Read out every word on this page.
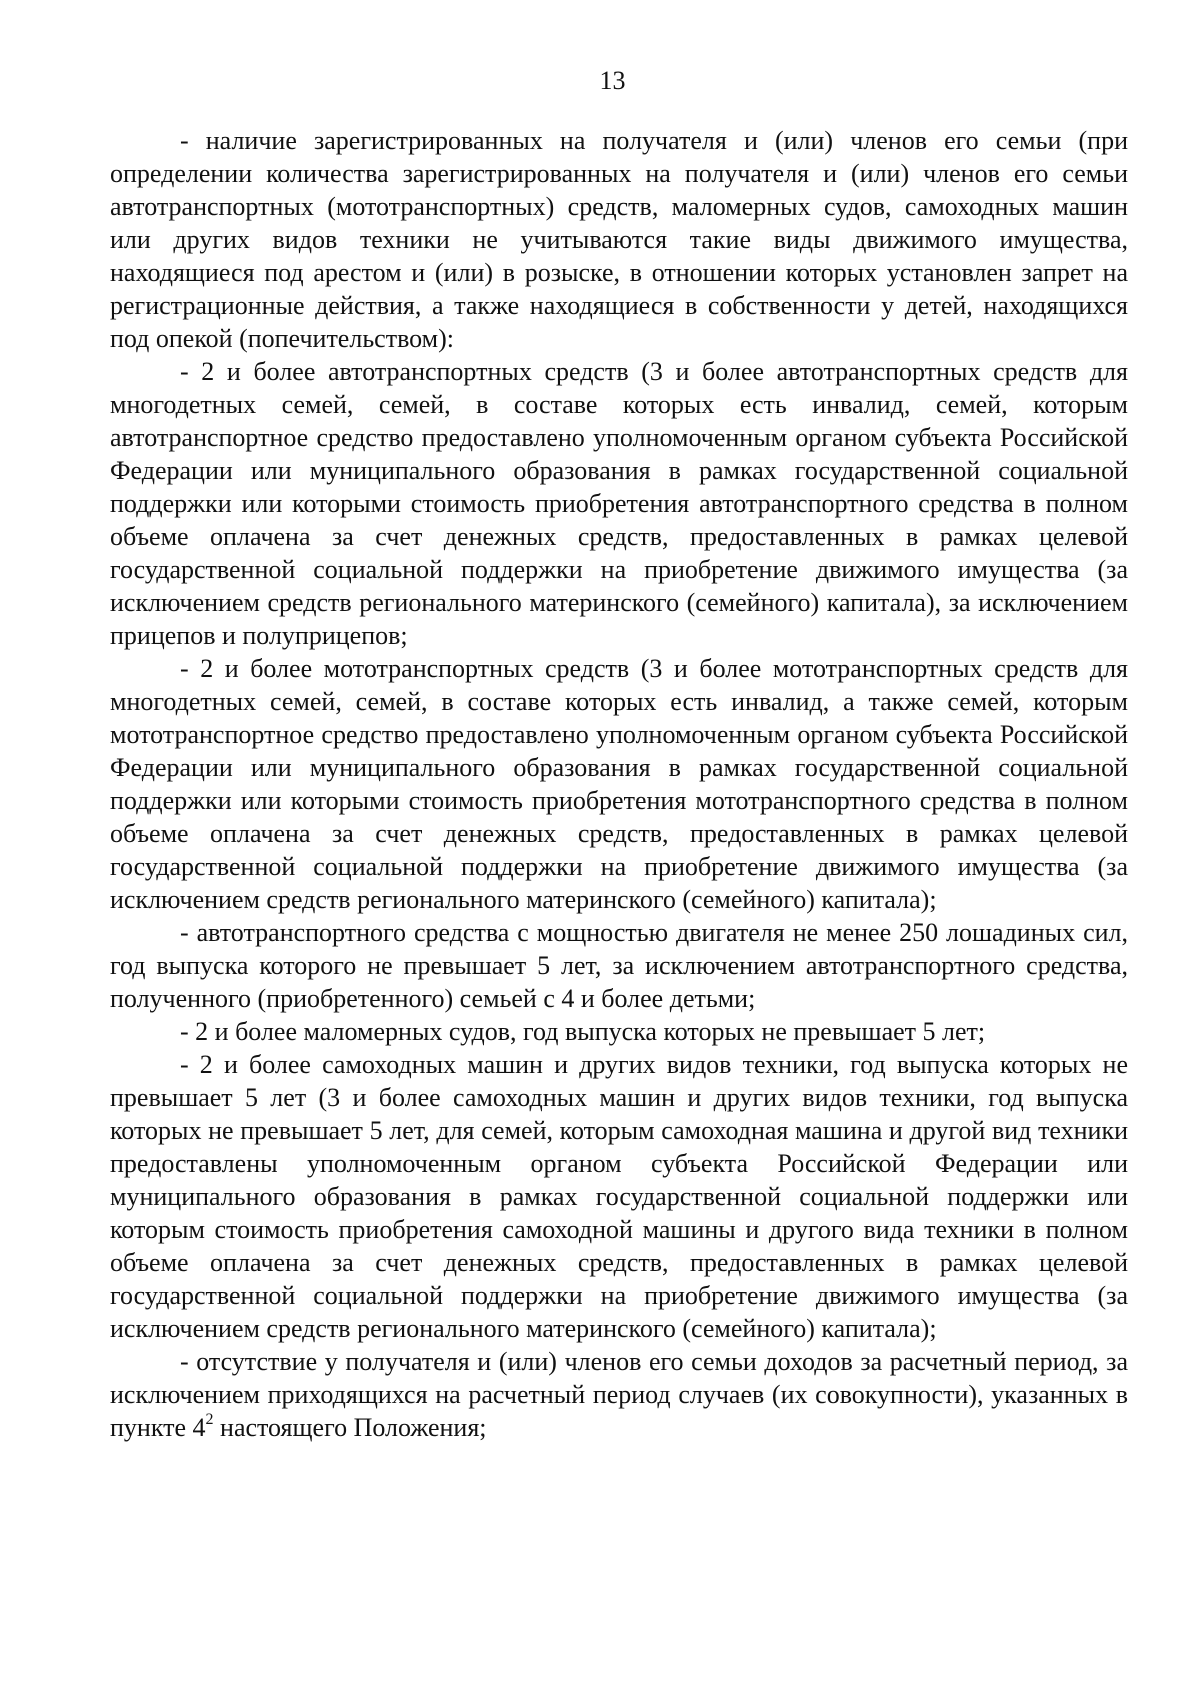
13

- наличие зарегистрированных на получателя и (или) членов его семьи (при определении количества зарегистрированных на получателя и (или) членов его семьи автотранспортных (мототранспортных) средств, маломерных судов, самоходных машин или других видов техники не учитываются такие виды движимого имущества, находящиеся под арестом и (или) в розыске, в отношении которых установлен запрет на регистрационные действия, а также находящиеся в собственности у детей, находящихся под опекой (попечительством):

- 2 и более автотранспортных средств (3 и более автотранспортных средств для многодетных семей, семей, в составе которых есть инвалид, семей, которым автотранспортное средство предоставлено уполномоченным органом субъекта Российской Федерации или муниципального образования в рамках государственной социальной поддержки или которыми стоимость приобретения автотранспортного средства в полном объеме оплачена за счет денежных средств, предоставленных в рамках целевой государственной социальной поддержки на приобретение движимого имущества (за исключением средств регионального материнского (семейного) капитала), за исключением прицепов и полуприцепов;

- 2 и более мототранспортных средств (3 и более мототранспортных средств для многодетных семей, семей, в составе которых есть инвалид, а также семей, которым мототранспортное средство предоставлено уполномоченным органом субъекта Российской Федерации или муниципального образования в рамках государственной социальной поддержки или которыми стоимость приобретения мототранспортного средства в полном объеме оплачена за счет денежных средств, предоставленных в рамках целевой государственной социальной поддержки на приобретение движимого имущества (за исключением средств регионального материнского (семейного) капитала);

- автотранспортного средства с мощностью двигателя не менее 250 лошадиных сил, год выпуска которого не превышает 5 лет, за исключением автотранспортного средства, полученного (приобретенного) семьей с 4 и более детьми;

- 2 и более маломерных судов, год выпуска которых не превышает 5 лет;

- 2 и более самоходных машин и других видов техники, год выпуска которых не превышает 5 лет (3 и более самоходных машин и других видов техники, год выпуска которых не превышает 5 лет, для семей, которым самоходная машина и другой вид техники предоставлены уполномоченным органом субъекта Российской Федерации или муниципального образования в рамках государственной социальной поддержки или которым стоимость приобретения самоходной машины и другого вида техники в полном объеме оплачена за счет денежных средств, предоставленных в рамках целевой государственной социальной поддержки на приобретение движимого имущества (за исключением средств регионального материнского (семейного) капитала);

- отсутствие у получателя и (или) членов его семьи доходов за расчетный период, за исключением приходящихся на расчетный период случаев (их совокупности), указанных в пункте $4^2$ настоящего Положения;
